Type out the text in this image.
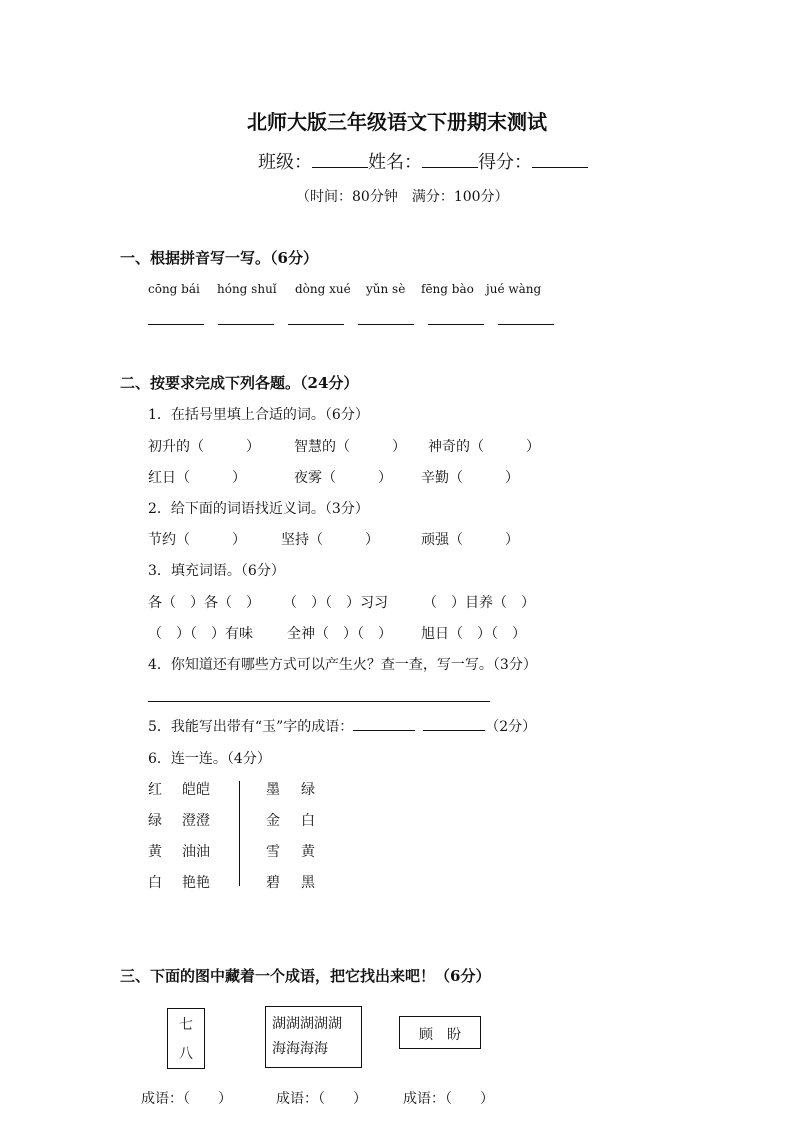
北师大版三年级语文下册期末测试
班级：	姓名：	得分：
（时间：80分钟　满分：100分）
一、根据拼音写一写。（6分）
cōng bái hóng shuǐ dòng xué yǔn sè fēng bào jué wàng
二、按要求完成下列各题。（24分）
1．在括号里填上合适的词。（6分）
初升的（　　　） 智慧的（　　　） 神奇的（　　　）
红日（　　　）	夜雾（　　　） 辛勤（　　　）
2．给下面的词语找近义词。（3分）
节约（　　　）	坚持（　　　）	顽强（　　　）
3．填充词语。（6分）
各（　）各（　） （　）（　）习习	（　）目养（　）
（　）（　）有味 全神（　）（　） 旭日（　）（　）
4．你知道还有哪些方式可以产生火？查一查，写一写。（3分）
5．我能写出带有“玉”字的成语：	（2分）
6．连一连。（4分）
红 皑皑
绿 澄澄
黄 油油
白 艳艳
墨 绿
金 白
雪 黄
碧 黑
三、下面的图中藏着一个成语，把它找出来吧！（6分）
七
八
湖湖湖湖湖
海海海海
顾　盼
成语：（　　）	成语：（　　）	成语：（　　）
